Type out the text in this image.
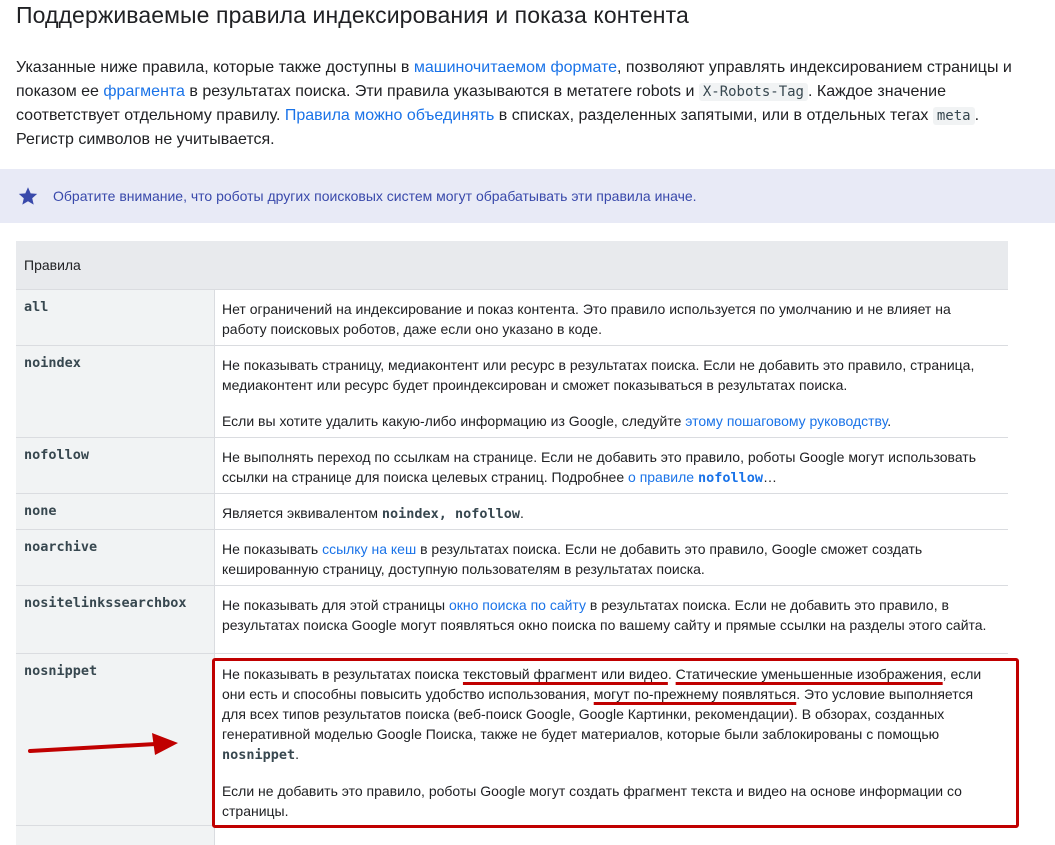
Поддерживаемые правила индексирования и показа контента
Указанные ниже правила, которые также доступны в машиночитаемом формате, позволяют управлять индексированием страницы и показом ее фрагмента в результатах поиска. Эти правила указываются в метатеге robots и X-Robots-Tag . Каждое значение соответствует отдельному правилу. Правила можно объединять в списках, разделенных запятыми, или в отдельных тегах meta . Регистр символов не учитывается.
Обратите внимание, что роботы других поисковых систем могут обрабатывать эти правила иначе.
Правила
all	Нет ограничений на индексирование и показ контента. Это правило используется по умолчанию и не влияет на работу поисковых роботов, даже если оно указано в коде.

noindex	Не показывать страницу, медиаконтент или ресурс в результатах поиска. Если не добавить это правило, страница, медиаконтент или ресурс будет проиндексирован и сможет показываться в результатах поиска.

Если вы хотите удалить какую-либо информацию из Google, следуйте этому пошаговому руководству.

nofollow	Не выполнять переход по ссылкам на странице. Если не добавить это правило, роботы Google могут использовать ссылки на странице для поиска целевых страниц. Подробнее о правиле nofollow…

none	Является эквивалентом noindex, nofollow.

noarchive	Не показывать ссылку на кеш в результатах поиска. Если не добавить это правило, Google сможет создать кешированную страницу, доступную пользователям в результатах поиска.

nositelinkssearchbox	Не показывать для этой страницы окно поиска по сайту в результатах поиска. Если не добавить это правило, в результатах поиска Google могут появляться окно поиска по вашему сайту и прямые ссылки на разделы этого сайта.

nosnippet	Не показывать в результатах поиска текстовый фрагмент или видео. Статические уменьшенные изображения, если они есть и способны повысить удобство использования, могут по-прежнему появляться. Это условие выполняется для всех типов результатов поиска (веб-поиск Google, Google Картинки, рекомендации). В обзорах, созданных генеративной моделью Google Поиска, также не будет материалов, которые были заблокированы с помощью nosnippet.

Если не добавить это правило, роботы Google могут создать фрагмент текста и видео на основе информации со страницы.
